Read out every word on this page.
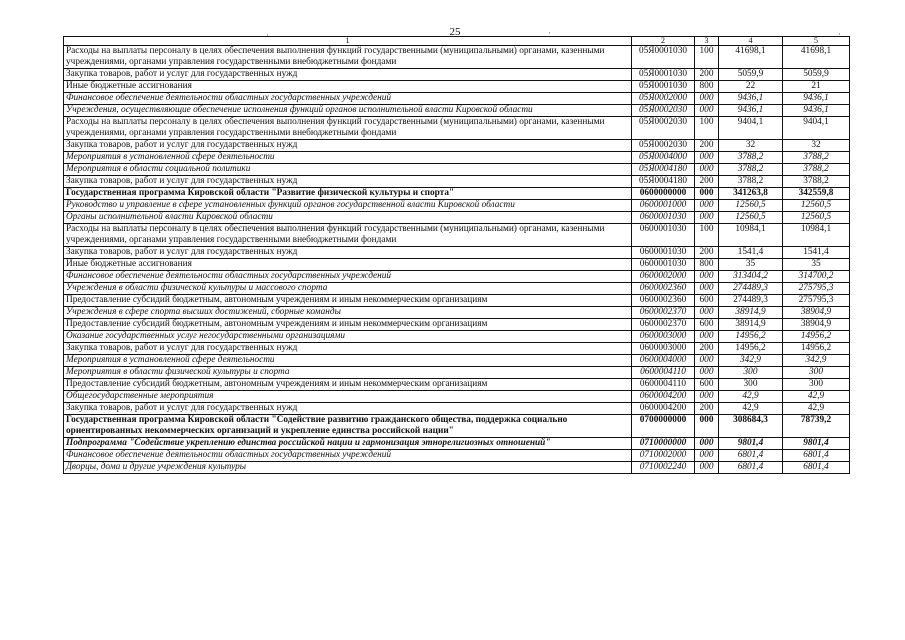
25
·	·	·
1	2	3	4	5
Расходы на выплаты персоналу в целях обеспечения выполнения функций государственными (муниципальными) органами, казенными учреждениями, органами управления государственными внебюджетными фондами	05Я0001030	100	41698,1	41698,1
Закупка товаров, работ и услуг для государственных нужд	05Я0001030	200	5059,9	5059,9
Иные бюджетные ассигнования	05Я0001030	800	22	21
Финансовое обеспечение деятельности областных государственных учреждений	05Я0002000	000	9436,1	9436,1
Учреждения, осуществляющие обеспечение исполнения функций органов исполнительной власти Кировской области	05Я0002030	000	9436,1	9436,1
Расходы на выплаты персоналу в целях обеспечения выполнения функций государственными (муниципальными) органами, казенными учреждениями, органами управления государственными внебюджетными фондами	05Я0002030	100	9404,1	9404,1
Закупка товаров, работ и услуг для государственных нужд	05Я0002030	200	32	32
Мероприятия в установленной сфере деятельности	05Я0004000	000	3788,2	3788,2
Мероприятия в области социальной политики	05Я0004180	000	3788,2	3788,2
Закупка товаров, работ и услуг для государственных нужд	05Я0004180	200	3788,2	3788,2
Государственная программа Кировской области "Развитие физической культуры и спорта"	0600000000	000	341263,8	342559,8
Руководство и управление в сфере установленных функций органов государственной власти Кировской области	0600001000	000	12560,5	12560,5
Органы исполнительной власти Кировской области	0600001030	000	12560,5	12560,5
Расходы на выплаты персоналу в целях обеспечения выполнения функций государственными (муниципальными) органами, казенными учреждениями, органами управления государственными внебюджетными фондами	0600001030	100	10984,1	10984,1
Закупка товаров, работ и услуг для государственных нужд	0600001030	200	1541,4	1541,4
Иные бюджетные ассигнования	0600001030	800	35	35
Финансовое обеспечение деятельности областных государственных учреждений	0600002000	000	313404,2	314700,2
Учреждения в области физической культуры и массового спорта	0600002360	000	274489,3	275795,3
Предоставление субсидий бюджетным, автономным учреждениям и иным некоммерческим организациям	0600002360	600	274489,3	275795,3
Учреждения в сфере спорта высших достижений, сборные команды	0600002370	000	38914,9	38904,9
Предоставление субсидий бюджетным, автономным учреждениям и иным некоммерческим организациям	0600002370	600	38914,9	38904,9
Оказание государственных услуг негосударственными организациями	0600003000	000	14956,2	14956,2
Закупка товаров, работ и услуг для государственных нужд	0600003000	200	14956,2	14956,2
Мероприятия в установленной сфере деятельности	0600004000	000	342,9	342,9
Мероприятия в области физической культуры и спорта	0600004110	000	300	300
Предоставление субсидий бюджетным, автономным учреждениям и иным некоммерческим организациям	0600004110	600	300	300
Общегосударственные мероприятия	0600004200	000	42,9	42,9
Закупка товаров, работ и услуг для государственных нужд	0600004200	200	42,9	42,9
Государственная программа Кировской области "Содействие развитию гражданского общества, поддержка социально ориентированных некоммерческих организаций и укрепление единства российской нации"	0700000000	000	308684,3	78739,2
Подпрограмма "Содействие укреплению единства российской нации и гармонизация этнорелигиозных отношений"	0710000000	000	9801,4	9801,4
Финансовое обеспечение деятельности областных государственных учреждений	0710002000	000	6801,4	6801,4
Дворцы, дома и другие учреждения культуры	0710002240	000	6801,4	6801,4
